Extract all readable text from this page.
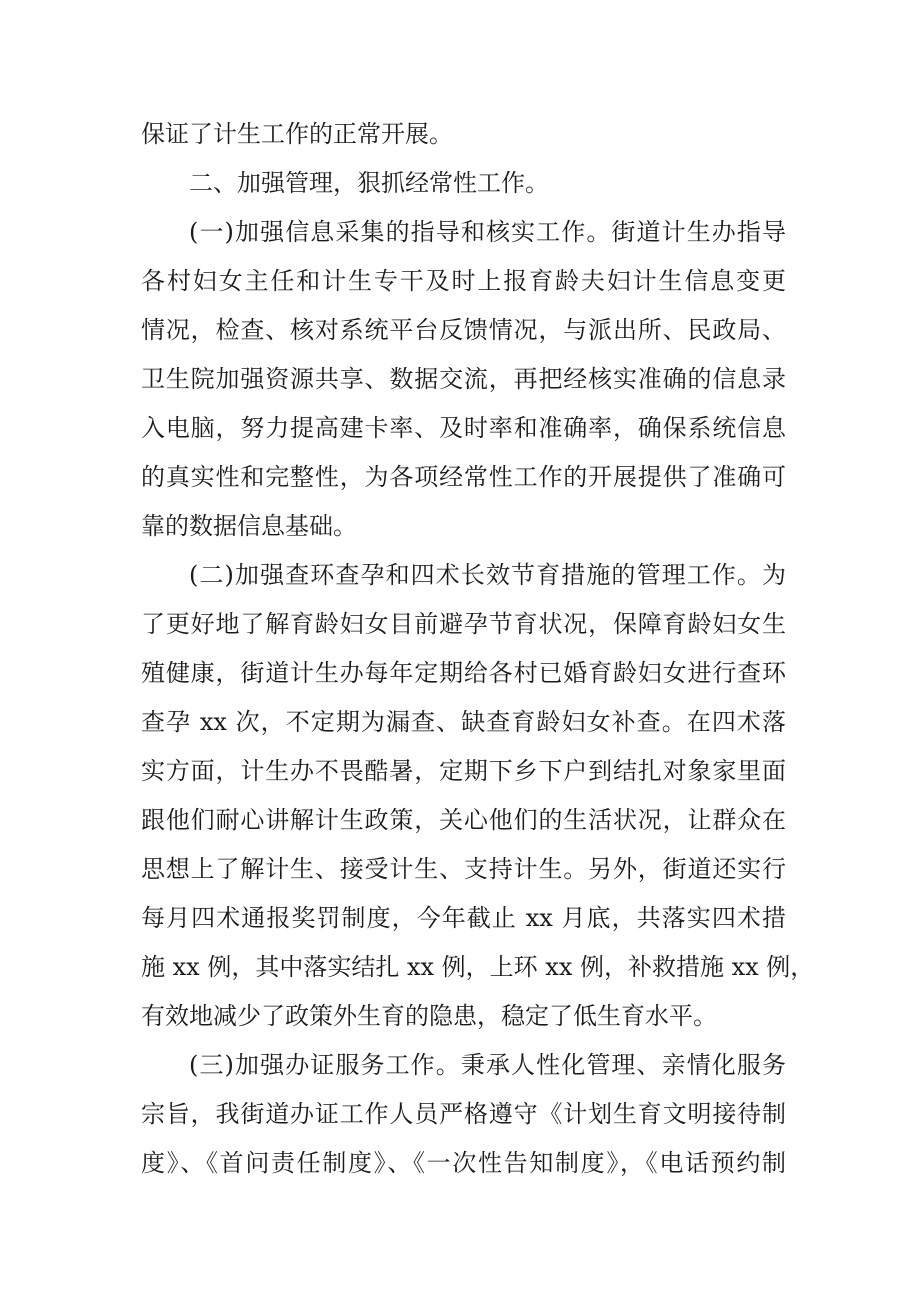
保证了计生工作的正常开展。
二、加强管理，狠抓经常性工作。
(一)加强信息采集的指导和核实工作。街道计生办指导
各村妇女主任和计生专干及时上报育龄夫妇计生信息变更
情况，检查、核对系统平台反馈情况，与派出所、民政局、
卫生院加强资源共享、数据交流，再把经核实准确的信息录
入电脑，努力提高建卡率、及时率和准确率，确保系统信息
的真实性和完整性，为各项经常性工作的开展提供了准确可
靠的数据信息基础。
(二)加强查环查孕和四术长效节育措施的管理工作。为
了更好地了解育龄妇女目前避孕节育状况，保障育龄妇女生
殖健康，街道计生办每年定期给各村已婚育龄妇女进行查环
查孕 xx 次，不定期为漏查、缺查育龄妇女补查。在四术落
实方面，计生办不畏酷暑，定期下乡下户到结扎对象家里面
跟他们耐心讲解计生政策，关心他们的生活状况，让群众在
思想上了解计生、接受计生、支持计生。另外，街道还实行
每月四术通报奖罚制度，今年截止 xx 月底，共落实四术措
施 xx 例，其中落实结扎 xx 例，上环 xx 例，补救措施 xx 例，
有效地减少了政策外生育的隐患，稳定了低生育水平。
(三)加强办证服务工作。秉承人性化管理、亲情化服务
宗旨，我街道办证工作人员严格遵守《计划生育文明接待制
度》、《首问责任制度》、《一次性告知制度》，《电话预约制
